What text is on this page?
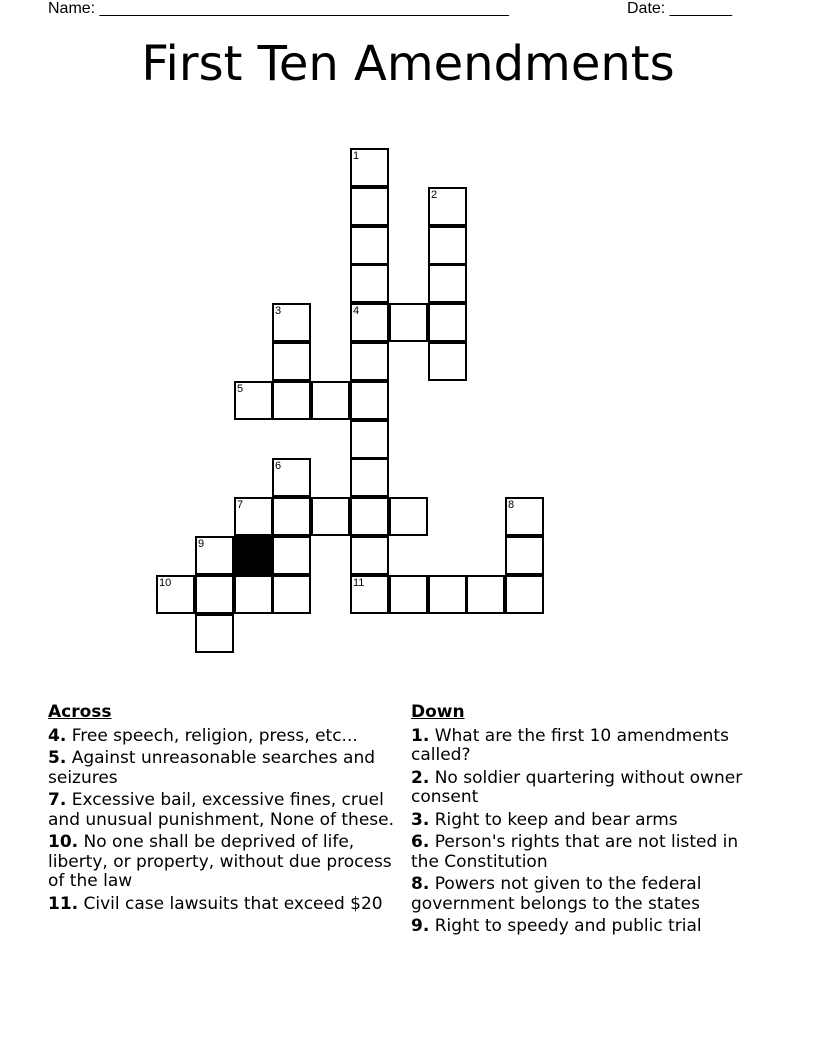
Name: ______________________________________________	Date: _______
First Ten Amendments
1
2
3	4
5
6
7	8
9
10	11
Across
4. Free speech, religion, press, etc...
5. Against unreasonable searches and seizures
7. Excessive bail, excessive fines, cruel and unusual punishment, None of these.
10. No one shall be deprived of life, liberty, or property, without due process of the law
11. Civil case lawsuits that exceed $20
Down
1. What are the first 10 amendments called?
2. No soldier quartering without owner consent
3. Right to keep and bear arms
6. Person's rights that are not listed in the Constitution
8. Powers not given to the federal government belongs to the states
9. Right to speedy and public trial
